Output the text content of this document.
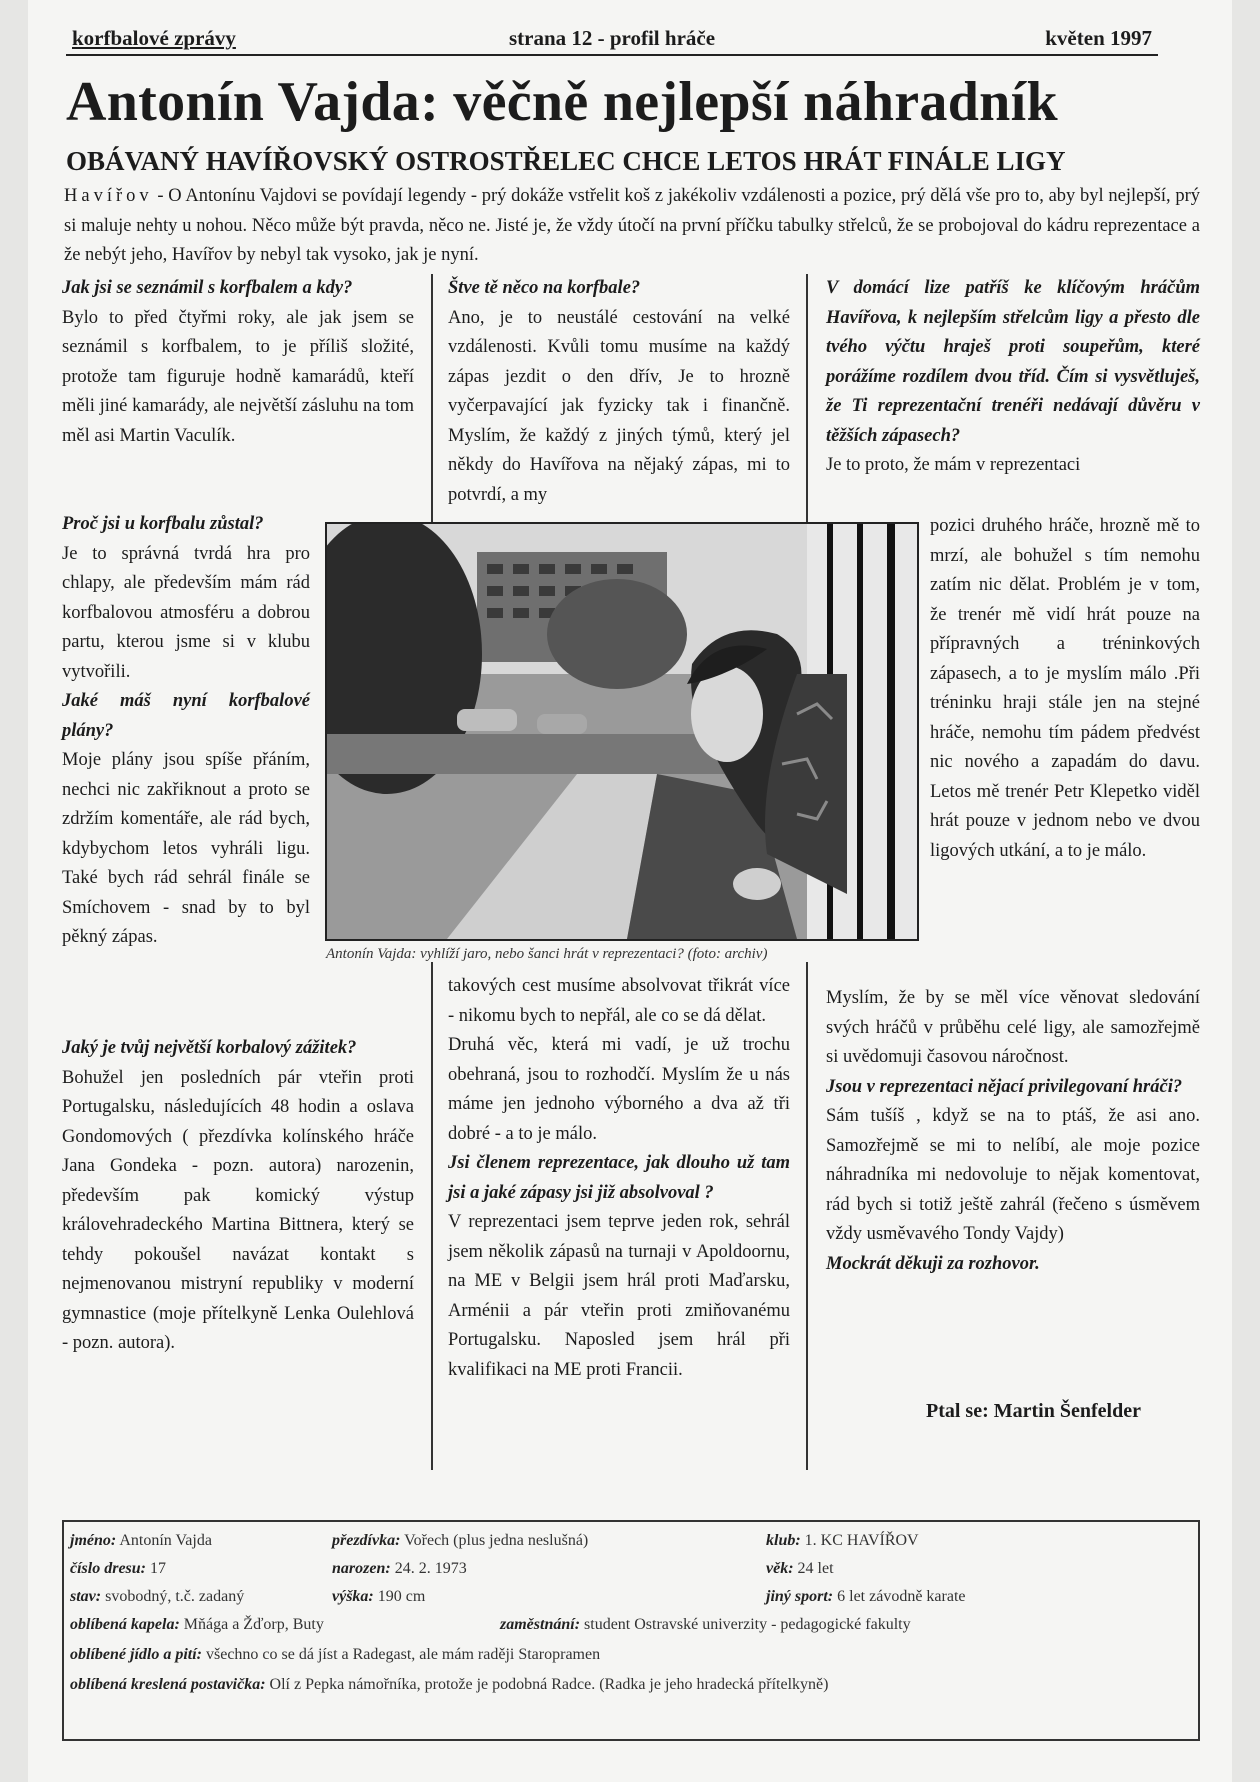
korfbalové zprávy	strana 12 - profil hráče	květen 1997
Antonín Vajda: věčně nejlepší náhradník
OBÁVANÝ HAVÍŘOVSKÝ OSTROSTŘELEC CHCE LETOS HRÁT FINÁLE LIGY

Havířov - O Antonínu Vajdovi se povídají legendy - prý dokáže vstřelit koš z jakékoliv vzdálenosti a pozice, prý dělá vše pro to, aby byl nejlepší, prý si maluje nehty u nohou. Něco může být pravda, něco ne. Jisté je, že vždy útočí na první příčku tabulky střelců, že se probojoval do kádru reprezentace a že nebýt jeho, Havířov by nebyl tak vysoko, jak je nyní.

Jak jsi se seznámil s korfbalem a kdy?

Bylo to před čtyřmi roky, ale jak jsem se seznámil s korfbalem, to je příliš složité, protože tam figuruje hodně kamarádů, kteří měli jiné kamarády, ale největší zásluhu na tom měl asi Martin Vaculík.

Proč jsi u korfbalu zůstal?

Je to správná tvrdá hra pro chlapy, ale především mám rád korfbalovou atmosféru a dobrou partu, kterou jsme si v klubu vytvořili.

Jaké máš nyní korfbalové plány?

Moje plány jsou spíše přáním, nechci nic zakřiknout a proto se zdržím komentáře, ale rád bych, kdybychom letos vyhráli ligu. Také bych rád sehrál finále se Smíchovem - snad by to byl pěkný zápas.

Jaký je tvůj největší korbalový zážitek?

Bohužel jen posledních pár vteřin proti Portugalsku, následujících 48 hodin a oslava Gondomových ( přezdívka kolínského hráče Jana Gondeka - pozn. autora) narozenin, především pak komický výstup královehradeckého Martina Bittnera, který se tehdy pokoušel navázat kontakt s nejmenovanou mistryní republiky v moderní gymnastice (moje přítelkyně Lenka Oulehlová - pozn. autora).

Štve tě něco na korfbale?

Ano, je to neustálé cestování na velké vzdálenosti. Kvůli tomu musíme na každý zápas jezdit o den dřív, Je to hrozně vyčerpavající jak fyzicky tak i finančně. Myslím, že každý z jiných týmů, který jel někdy do Havířova na nějaký zápas, mi to potvrdí, a my

takových cest musíme absolvovat třikrát více - nikomu bych to nepřál, ale co se dá dělat.

Druhá věc, která mi vadí, je už trochu obehraná, jsou to rozhodčí. Myslím že u nás máme jen jednoho výborného a dva až tři dobré - a to je málo.

Jsi členem reprezentace, jak dlouho už tam jsi a jaké zápasy jsi již absolvoval ?

V reprezentaci jsem teprve jeden rok, sehrál jsem několik zápasů na turnaji v Apoldoornu, na ME v Belgii jsem hrál proti Maďarsku, Arménii a pár vteřin proti zmiňovanému Portugalsku. Naposled jsem hrál při kvalifikaci na ME proti Francii.

V domácí lize patříš ke klíčovým hráčům Havířova, k nejlepším střelcům ligy a přesto dle tvého výčtu hraješ proti soupeřům, které porážíme rozdílem dvou tříd. Čím si vysvětluješ, že Ti reprezentační trenéři nedávají důvěru v těžších zápasech?

Je to proto, že mám v reprezentaci

pozici druhého hráče, hrozně mě to mrzí, ale bohužel s tím nemohu zatím nic dělat. Problém je v tom, že trenér mě vidí hrát pouze na přípravných a tréninkových zápasech, a to je myslím málo .Při tréninku hraji stále jen na stejné hráče, nemohu tím pádem předvést nic nového a zapadám do davu. Letos mě trenér Petr Klepetko viděl hrát pouze v jednom nebo ve dvou ligových utkání, a to je málo.

Myslím, že by se měl více věnovat sledování svých hráčů v průběhu celé ligy, ale samozřejmě si uvědomuji časovou náročnost.

Jsou v reprezentaci nějací privilegovaní hráči?

Sám tušíš , když se na to ptáš, že asi ano. Samozřejmě se mi to nelíbí, ale moje pozice náhradníka mi nedovoluje to nějak komentovat, rád bych si totiž ještě zahrál (řečeno s úsměvem vždy usměvavého Tondy Vajdy)

Mockrát děkuji za rozhovor.

Antonín Vajda: vyhlíží jaro, nebo šanci hrát v reprezentaci? (foto: archiv)
Ptal se: Martin Šenfelder
jméno: Antonín Vajda	přezdívka: Vořech (plus jedna neslušná)	klub: 1. KC HAVÍŘOV
číslo dresu: 17	narozen: 24. 2. 1973	věk: 24 let
stav: svobodný, t.č. zadaný	výška: 190 cm	jiný sport: 6 let závodně karate
oblíbená kapela: Mňága a Žďorp, Buty	zaměstnání: student Ostravské univerzity - pedagogické fakulty
oblíbené jídlo a pití: všechno co se dá jíst a Radegast, ale mám raději Staropramen
oblíbená kreslená postavička: Olí z Pepka námořníka, protože je podobná Radce. (Radka je jeho hradecká přítelkyně)
